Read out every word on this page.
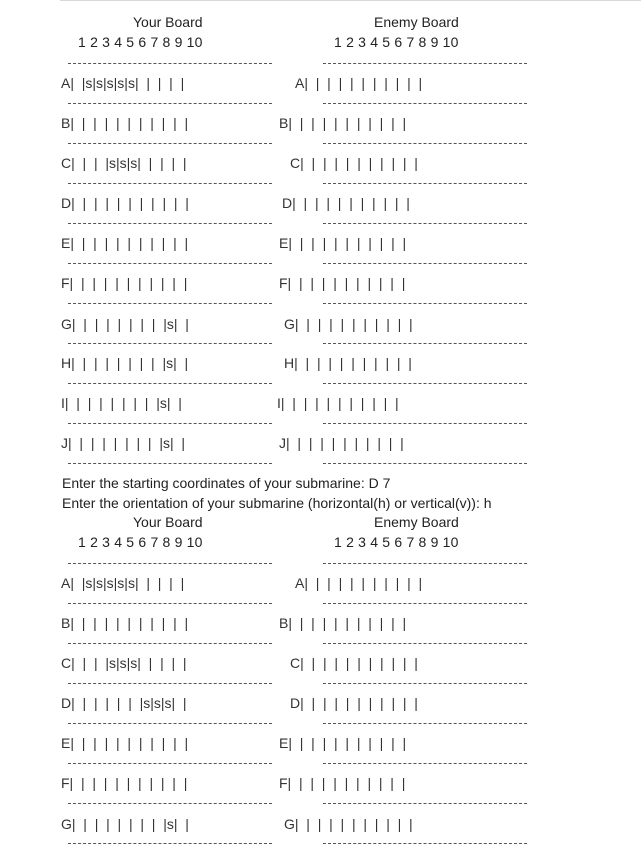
Your Board	Enemy Board
1 2 3 4 5 6 7 8 9 10	1 2 3 4 5 6 7 8 9 10
A|  |s|s|s|s|s|  |  |  |  |	A|  |  |  |  |  |  |  |  |  |  |
B|  |  |  |  |  |  |  |  |  |  |	B|  |  |  |  |  |  |  |  |  |  |
C|  |  |  |s|s|s|  |  |  |  |	C|  |  |  |  |  |  |  |  |  |  |
D|  |  |  |  |  |  |  |  |  |  |	D|  |  |  |  |  |  |  |  |  |  |
E|  |  |  |  |  |  |  |  |  |  |	E|  |  |  |  |  |  |  |  |  |  |
F|  |  |  |  |  |  |  |  |  |  |	F|  |  |  |  |  |  |  |  |  |  |
G|  |  |  |  |  |  |  |  |s|  |	G|  |  |  |  |  |  |  |  |  |  |
H|  |  |  |  |  |  |  |  |s|  |	H|  |  |  |  |  |  |  |  |  |  |
I|  |  |  |  |  |  |  |  |s|  |	I|  |  |  |  |  |  |  |  |  |  |
J|  |  |  |  |  |  |  |  |s|  |	J|  |  |  |  |  |  |  |  |  |  |
Enter the starting coordinates of your submarine: D 7
Enter the orientation of your submarine (horizontal(h) or vertical(v)): h
Your Board	Enemy Board
1 2 3 4 5 6 7 8 9 10	1 2 3 4 5 6 7 8 9 10
A|  |s|s|s|s|s|  |  |  |  |	A|  |  |  |  |  |  |  |  |  |  |
B|  |  |  |  |  |  |  |  |  |  |	B|  |  |  |  |  |  |  |  |  |  |
C|  |  |  |s|s|s|  |  |  |  |	C|  |  |  |  |  |  |  |  |  |  |
D|  |  |  |  |  |  |s|s|s|  |	D|  |  |  |  |  |  |  |  |  |  |
E|  |  |  |  |  |  |  |  |  |  |	E|  |  |  |  |  |  |  |  |  |  |
F|  |  |  |  |  |  |  |  |  |  |	F|  |  |  |  |  |  |  |  |  |  |
G|  |  |  |  |  |  |  |  |s|  |	G|  |  |  |  |  |  |  |  |  |  |
